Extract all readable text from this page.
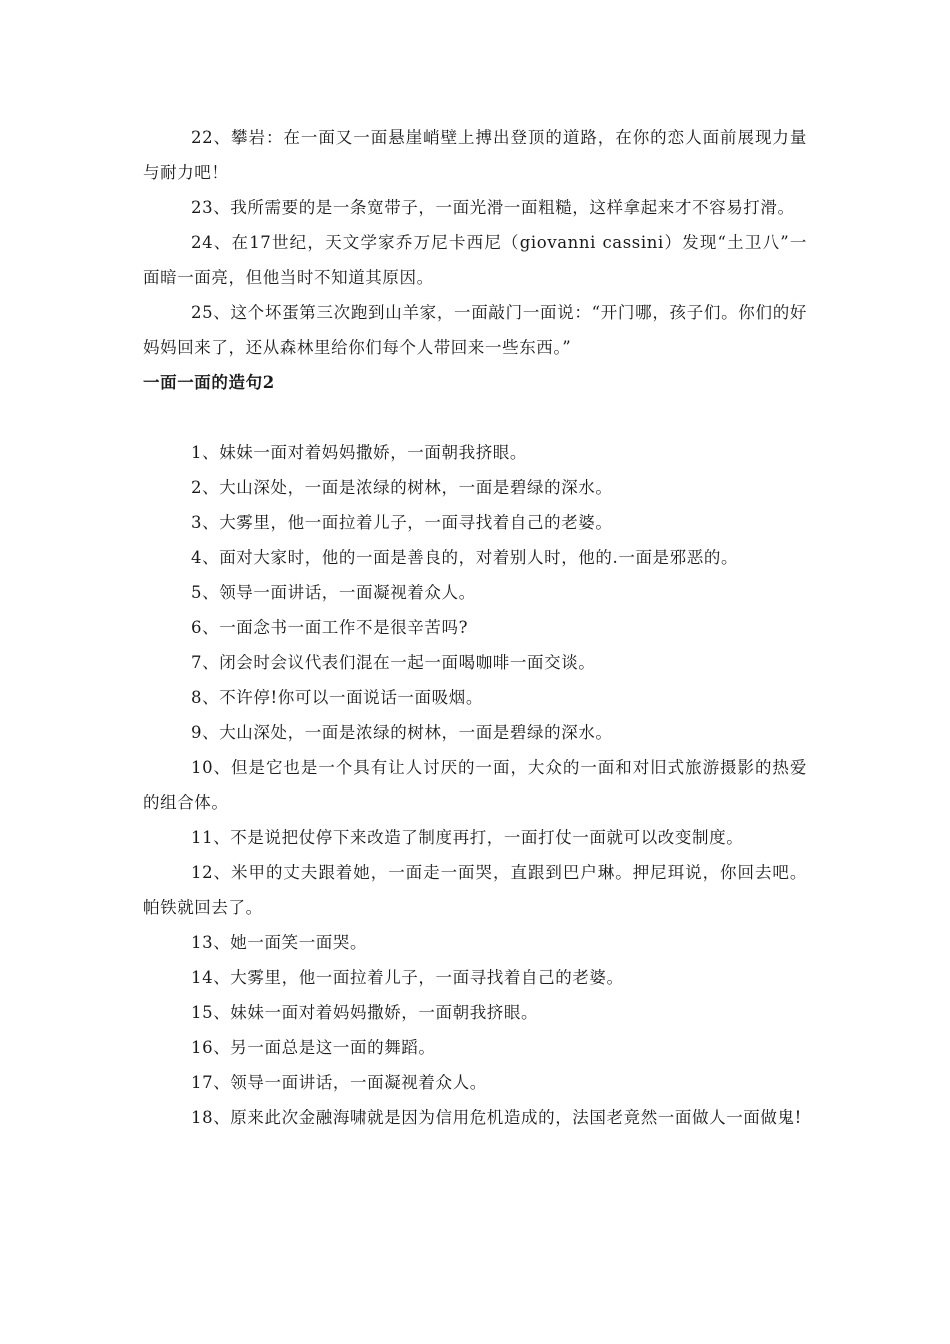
22、攀岩：在一面又一面悬崖峭壁上搏出登顶的道路，在你的恋人面前展现力量与耐力吧！

23、我所需要的是一条宽带子，一面光滑一面粗糙，这样拿起来才不容易打滑。

24、在17世纪，天文学家乔万尼卡西尼（giovanni cassini）发现“土卫八”一面暗一面亮，但他当时不知道其原因。

25、这个坏蛋第三次跑到山羊家，一面敲门一面说：“开门哪，孩子们。你们的好妈妈回来了，还从森林里给你们每个人带回来一些东西。”

一面一面的造句2

1、妹妹一面对着妈妈撒娇，一面朝我挤眼。

2、大山深处，一面是浓绿的树林，一面是碧绿的深水。

3、大雾里，他一面拉着儿子，一面寻找着自己的老婆。

4、面对大家时，他的一面是善良的，对着别人时，他的.一面是邪恶的。

5、领导一面讲话，一面凝视着众人。

6、一面念书一面工作不是很辛苦吗?

7、闭会时会议代表们混在一起一面喝咖啡一面交谈。

8、不许停!你可以一面说话一面吸烟。

9、大山深处，一面是浓绿的树林，一面是碧绿的深水。

10、但是它也是一个具有让人讨厌的一面，大众的一面和对旧式旅游摄影的热爱的组合体。

11、不是说把仗停下来改造了制度再打，一面打仗一面就可以改变制度。

12、米甲的丈夫跟着她，一面走一面哭，直跟到巴户琳。押尼珥说，你回去吧。帕铁就回去了。

13、她一面笑一面哭。

14、大雾里，他一面拉着儿子，一面寻找着自己的老婆。

15、妹妹一面对着妈妈撒娇，一面朝我挤眼。

16、另一面总是这一面的舞蹈。

17、领导一面讲话，一面凝视着众人。

18、原来此次金融海啸就是因为信用危机造成的，法国老竟然一面做人一面做鬼!
